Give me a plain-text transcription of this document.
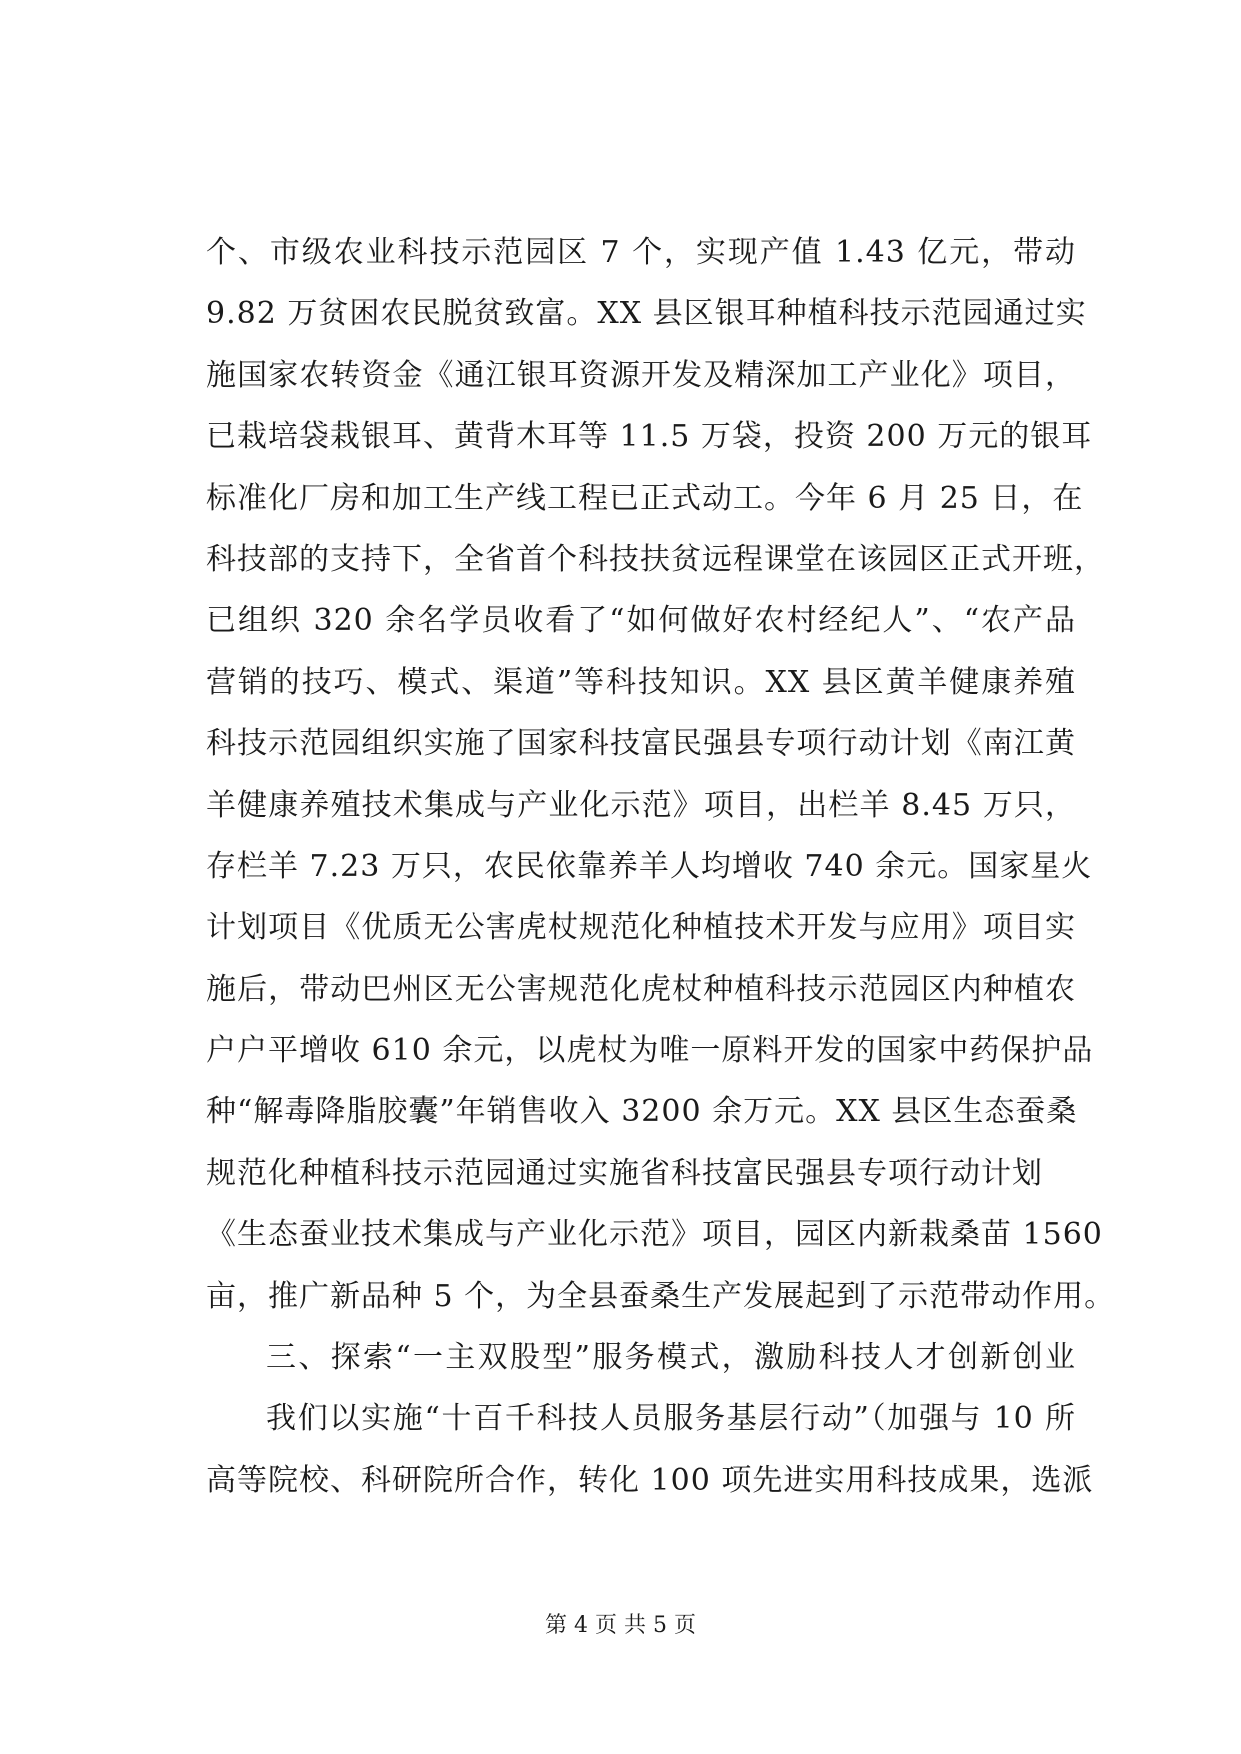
个、市级农业科技示范园区 7 个，实现产值 1.43 亿元，带动
9.82 万贫困农民脱贫致富。XX 县区银耳种植科技示范园通过实
施国家农转资金《通江银耳资源开发及精深加工产业化》项目，
已栽培袋栽银耳、黄背木耳等 11.5 万袋，投资 200 万元的银耳
标准化厂房和加工生产线工程已正式动工。今年 6 月 25 日，在
科技部的支持下，全省首个科技扶贫远程课堂在该园区正式开班，
已组织 320 余名学员收看了“如何做好农村经纪人”、“农产品
营销的技巧、模式、渠道”等科技知识。XX 县区黄羊健康养殖
科技示范园组织实施了国家科技富民强县专项行动计划《南江黄
羊健康养殖技术集成与产业化示范》项目，出栏羊 8.45 万只，
存栏羊 7.23 万只，农民依靠养羊人均增收 740 余元。国家星火
计划项目《优质无公害虎杖规范化种植技术开发与应用》项目实
施后，带动巴州区无公害规范化虎杖种植科技示范园区内种植农
户户平增收 610 余元，以虎杖为唯一原料开发的国家中药保护品
种“解毒降脂胶囊”年销售收入 3200 余万元。XX 县区生态蚕桑
规范化种植科技示范园通过实施省科技富民强县专项行动计划
《生态蚕业技术集成与产业化示范》项目，园区内新栽桑苗 1560
亩，推广新品种 5 个，为全县蚕桑生产发展起到了示范带动作用。
三、探索“一主双股型”服务模式，激励科技人才创新创业
我们以实施“十百千科技人员服务基层行动”（加强与 10 所
高等院校、科研院所合作，转化 100 项先进实用科技成果，选派
第 4 页 共 5 页
